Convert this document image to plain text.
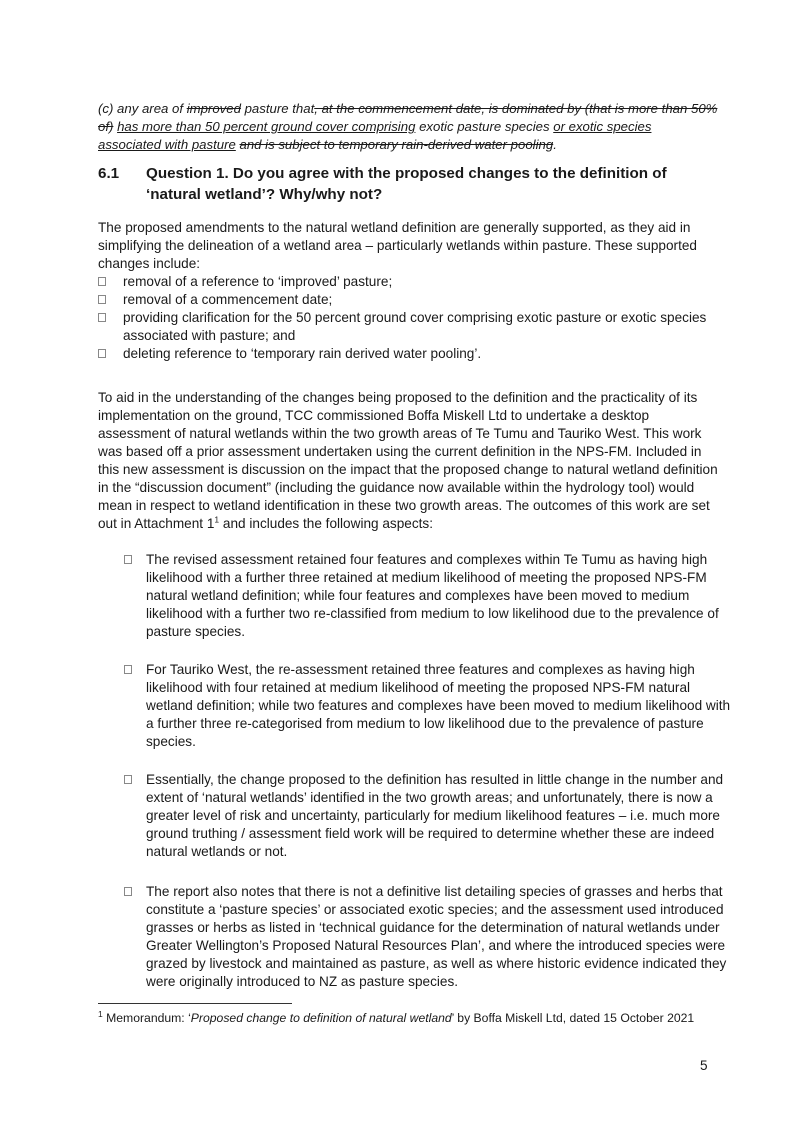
(c) any area of improved pasture that, at the commencement date, is dominated by (that is more than 50% of) has more than 50 percent ground cover comprising exotic pasture species or exotic species associated with pasture and is subject to temporary rain-derived water pooling.

6.1 Question 1. Do you agree with the proposed changes to the definition of ‘natural wetland’? Why/why not?

The proposed amendments to the natural wetland definition are generally supported, as they aid in simplifying the delineation of a wetland area – particularly wetlands within pasture. These supported changes include:

removal of a reference to ‘improved’ pasture;
removal of a commencement date;
providing clarification for the 50 percent ground cover comprising exotic pasture or exotic species associated with pasture; and
deleting reference to ‘temporary rain derived water pooling’.

To aid in the understanding of the changes being proposed to the definition and the practicality of its implementation on the ground, TCC commissioned Boffa Miskell Ltd to undertake a desktop assessment of natural wetlands within the two growth areas of Te Tumu and Tauriko West. This work was based off a prior assessment undertaken using the current definition in the NPS-FM. Included in this new assessment is discussion on the impact that the proposed change to natural wetland definition in the “discussion document” (including the guidance now available within the hydrology tool) would mean in respect to wetland identification in these two growth areas. The outcomes of this work are set out in Attachment $1^1$ and includes the following aspects:

The revised assessment retained four features and complexes within Te Tumu as having high likelihood with a further three retained at medium likelihood of meeting the proposed NPS-FM natural wetland definition; while four features and complexes have been moved to medium likelihood with a further two re-classified from medium to low likelihood due to the prevalence of pasture species.
For Tauriko West, the re-assessment retained three features and complexes as having high likelihood with four retained at medium likelihood of meeting the proposed NPS-FM natural wetland definition; while two features and complexes have been moved to medium likelihood with a further three re-categorised from medium to low likelihood due to the prevalence of pasture species.
Essentially, the change proposed to the definition has resulted in little change in the number and extent of ‘natural wetlands’ identified in the two growth areas; and unfortunately, there is now a greater level of risk and uncertainty, particularly for medium likelihood features – i.e. much more ground truthing / assessment field work will be required to determine whether these are indeed natural wetlands or not.
The report also notes that there is not a definitive list detailing species of grasses and herbs that constitute a ‘pasture species’ or associated exotic species; and the assessment used introduced grasses or herbs as listed in ‘technical guidance for the determination of natural wetlands under Greater Wellington’s Proposed Natural Resources Plan’, and where the introduced species were grazed by livestock and maintained as pasture, as well as where historic evidence indicated they were originally introduced to NZ as pasture species.

$^1$ Memorandum: ‘Proposed change to definition of natural wetland’ by Boffa Miskell Ltd, dated 15 October 2021

5
